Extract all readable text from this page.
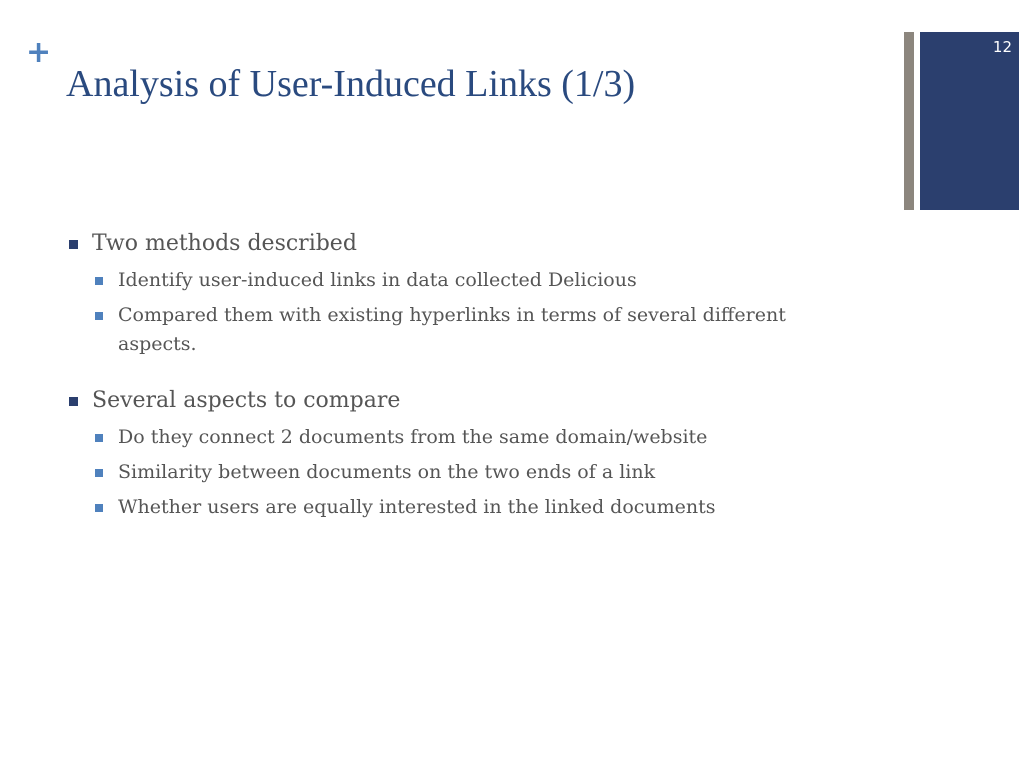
+
Analysis of User-Induced Links (1/3)
12
Two methods described
Identify user-induced links in data collected Delicious
Compared them with existing hyperlinks in terms of several different aspects.
Several aspects to compare
Do they connect 2 documents from the same domain/website
Similarity between documents on the two ends of a link
Whether users are equally interested in the linked documents
